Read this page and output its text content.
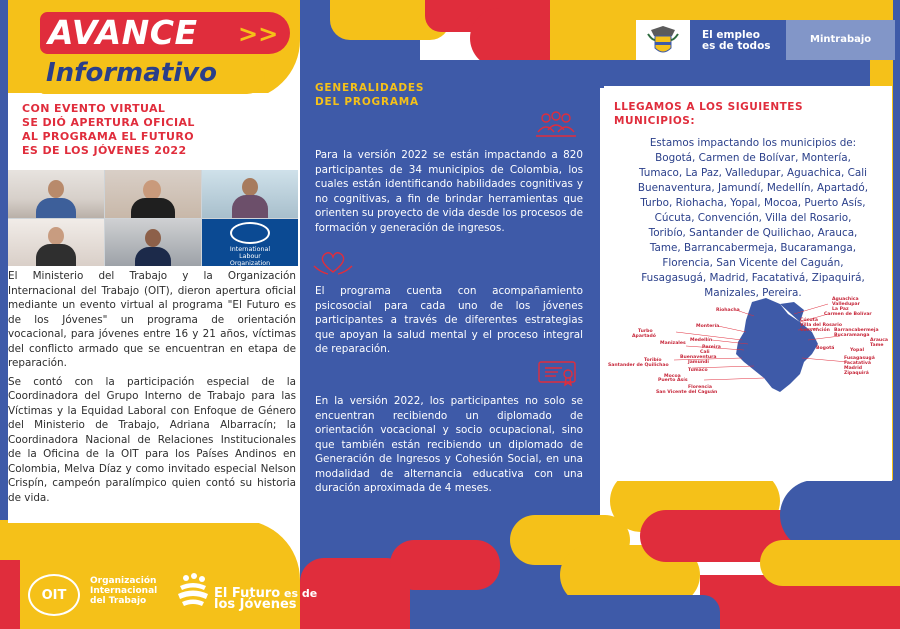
AVANCE >>
Informativo
El empleo
es de todos
Mintrabajo
CON EVENTO VIRTUAL
SE DIÓ APERTURA OFICIAL
AL PROGRAMA EL FUTURO
ES DE LOS JÓVENES 2022
International
Labour
Organization

El Ministerio del Trabajo y la Organización Internacional del Trabajo (OIT), dieron apertura oficial mediante un evento virtual al programa "El Futuro es de los Jóvenes" un programa de orientación vocacional, para jóvenes entre 16 y 21 años, víctimas del conflicto armado que se encuentran en etapa de reparación.

Se contó con la participación especial de la Coordinadora del Grupo Interno de Trabajo para las Víctimas y la Equidad Laboral con Enfoque de Género del Ministerio de Trabajo, Adriana Albarracín; la Coordinadora Nacional de Relaciones Institucionales de la Oficina de la OIT para los Países Andinos en Colombia, Melva Díaz y como invitado especial Nelson Crispín, campeón paralímpico quien contó su historia de vida.

GENERALIDADES
DEL PROGRAMA
Para la versión 2022 se están impactando a 820 participantes de 34 municipios de Colombia, los cuales están identificando habilidades cognitivas y no cognitivas, a fin de brindar herramientas que orienten su proyecto de vida desde los procesos de formación y generación de ingresos.
El programa cuenta con acompañamiento psicosocial para cada uno de los jóvenes participantes a través de diferentes estrategias que apoyan la salud mental y el proceso integral de reparación.
En la versión 2022, los participantes no solo se encuentran recibiendo un diplomado de orientación vocacional y socio ocupacional, sino que también están recibiendo un diplomado de Generación de Ingresos y Cohesión Social, en una modalidad de alternancia educativa con una duración aproximada de 4 meses.
LLEGAMOS A LOS SIGUIENTES
MUNICIPIOS:
Estamos impactando los municipios de:
Bogotá, Carmen de Bolívar, Montería,
Tumaco, La Paz, Valledupar, Aguachica, Cali
Buenaventura, Jamundí, Medellín, Apartadó,
Turbo, Riohacha, Yopal, Mocoa, Puerto Asís,
Cúcuta, Convención, Villa del Rosario,
Toribío, Santander de Quilichao, Arauca,
Tame, Barrancabermeja, Bucaramanga,
Florencia, San Vicente del Caguán,
Fusagasugá, Madrid, Facatativá, Zipaquirá,
Manizales, Pereira.
Riohacha
Aguachica
Valledupar
La Paz
Carmen de Bolívar
Cúcuta
Villa del Rosario
Convención
Montería
Barrancabermeja
Bucaramanga
Medellín
Turbo
Apartadó
Manizales
Pereira
Cali
Buenaventura
Jamundí
Toribío
Santander de Quilichao
Tumaco
Mocoa
Puerto Asís
Florencia
San Vicente del Caguán
Bogotá
Arauca
Tame
Yopal
Fusagasugá
Facatativá
Madrid
Zipaquirá
OIT
Organización
Internacional
del Trabajo	El Futuro es de
los Jóvenes
